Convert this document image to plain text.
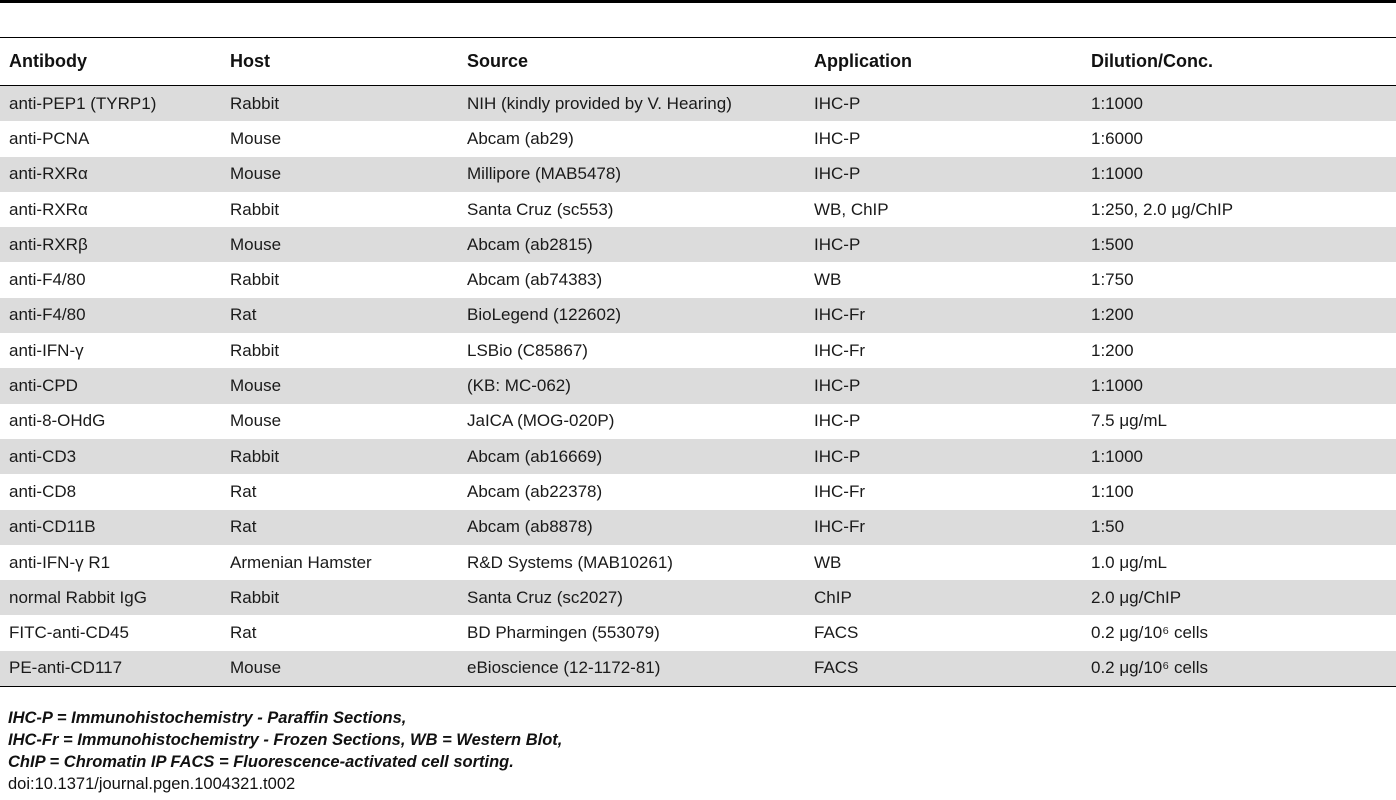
Antibody	Host	Source	Application	Dilution/Conc.
anti-PEP1 (TYRP1)	Rabbit	NIH (kindly provided by V. Hearing)	IHC-P	1:1000
anti-PCNA	Mouse	Abcam (ab29)	IHC-P	1:6000
anti-RXRα	Mouse	Millipore (MAB5478)	IHC-P	1:1000
anti-RXRα	Rabbit	Santa Cruz (sc553)	WB, ChIP	1:250, 2.0 μg/ChIP
anti-RXRβ	Mouse	Abcam (ab2815)	IHC-P	1:500
anti-F4/80	Rabbit	Abcam (ab74383)	WB	1:750
anti-F4/80	Rat	BioLegend (122602)	IHC-Fr	1:200
anti-IFN-γ	Rabbit	LSBio (C85867)	IHC-Fr	1:200
anti-CPD	Mouse	(KB: MC-062)	IHC-P	1:1000
anti-8-OHdG	Mouse	JaICA (MOG-020P)	IHC-P	7.5 μg/mL
anti-CD3	Rabbit	Abcam (ab16669)	IHC-P	1:1000
anti-CD8	Rat	Abcam (ab22378)	IHC-Fr	1:100
anti-CD11B	Rat	Abcam (ab8878)	IHC-Fr	1:50
anti-IFN-γ R1	Armenian Hamster	R&D Systems (MAB10261)	WB	1.0 μg/mL
normal Rabbit IgG	Rabbit	Santa Cruz (sc2027)	ChIP	2.0 μg/ChIP
FITC-anti-CD45	Rat	BD Pharmingen (553079)	FACS	0.2 μg/10⁶ cells
PE-anti-CD117	Mouse	eBioscience (12-1172-81)	FACS	0.2 μg/10⁶ cells
IHC-P = Immunohistochemistry - Paraffin Sections,
IHC-Fr = Immunohistochemistry - Frozen Sections, WB = Western Blot,
ChIP = Chromatin IP FACS = Fluorescence-activated cell sorting.
doi:10.1371/journal.pgen.1004321.t002
